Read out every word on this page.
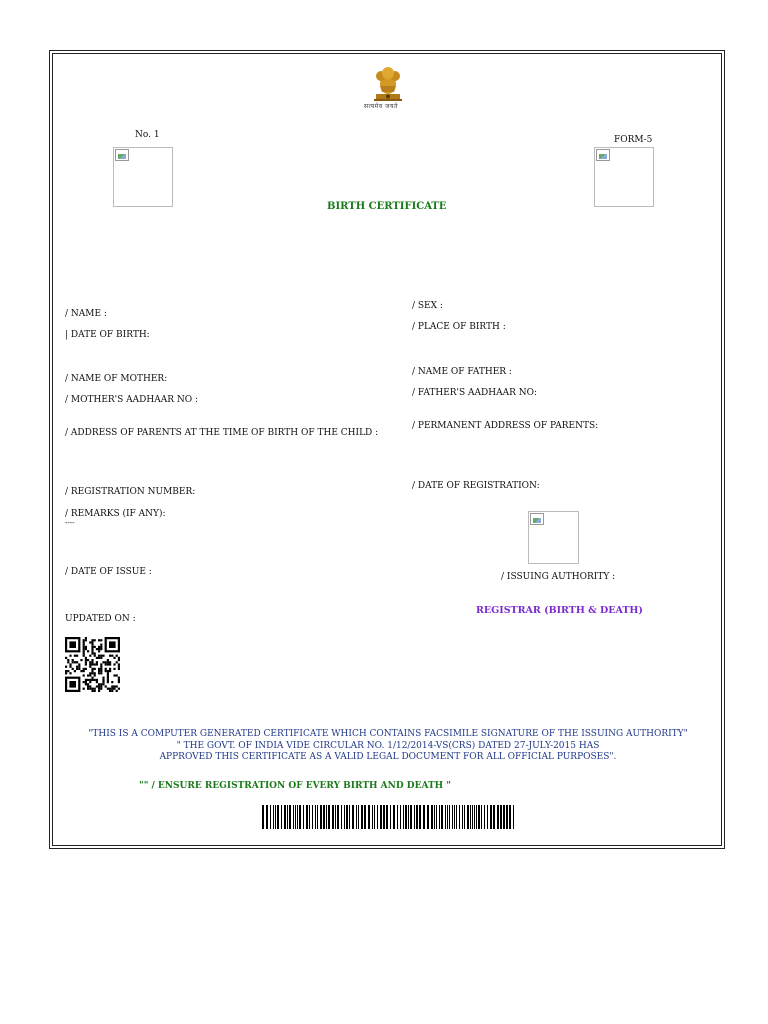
सत्यमेव जयते
No. 1	FORM-5
BIRTH CERTIFICATE
/ NAME :
| DATE OF BIRTH:
/ NAME OF MOTHER:
/ MOTHER'S AADHAAR NO :
/ ADDRESS OF PARENTS AT THE TIME OF BIRTH OF THE CHILD :
/ REGISTRATION NUMBER:
/ REMARKS (IF ANY):
----
/ DATE OF ISSUE :
UPDATED ON :
/ SEX :
/ PLACE OF BIRTH :
/ NAME OF FATHER :
/ FATHER'S AADHAAR NO:
/ PERMANENT ADDRESS OF PARENTS:
/ DATE OF REGISTRATION:
/ ISSUING AUTHORITY :
REGISTRAR (BIRTH & DEATH)
"THIS IS A COMPUTER GENERATED CERTIFICATE WHICH CONTAINS FACSIMILE SIGNATURE OF THE ISSUING AUTHORITY"
" THE GOVT. OF INDIA VIDE CIRCULAR NO. 1/12/2014-VS(CRS) DATED 27-JULY-2015 HAS
APPROVED THIS CERTIFICATE AS A VALID LEGAL DOCUMENT FOR ALL OFFICIAL PURPOSES".
"" / ENSURE REGISTRATION OF EVERY BIRTH AND DEATH "
